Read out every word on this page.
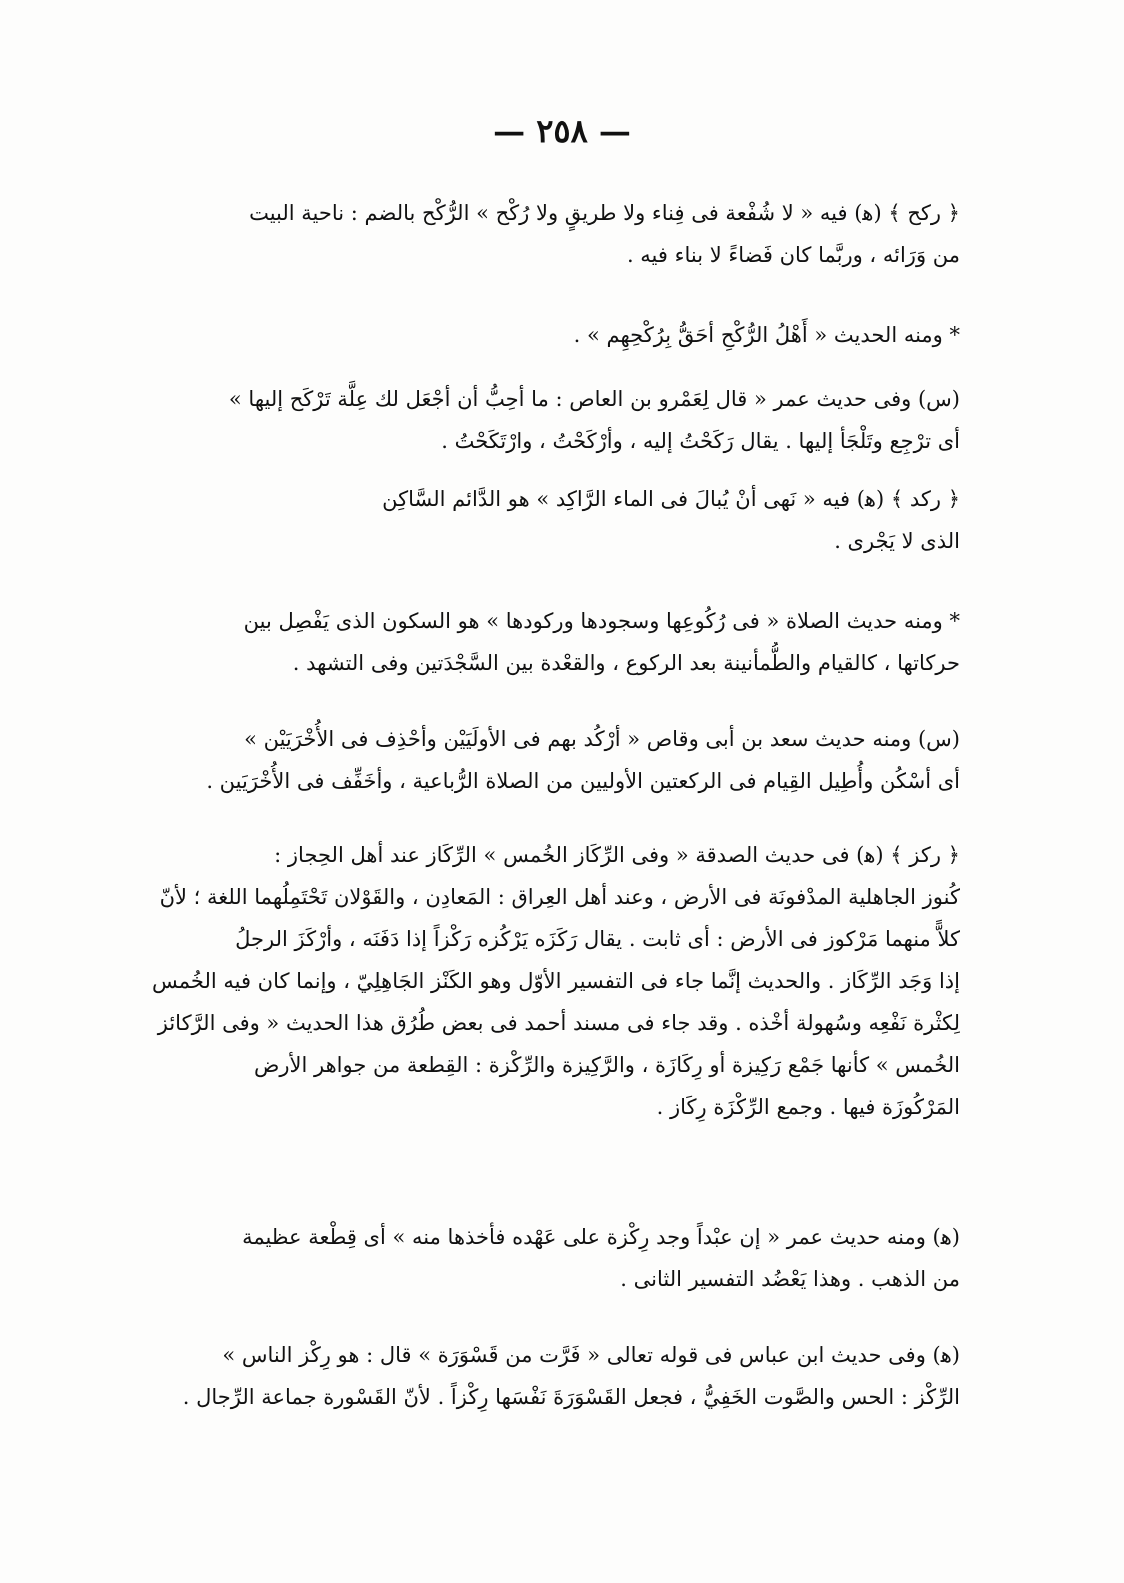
— ٢٥٨ —
﴿ ركح ﴾ (ﻫ) فيه « لا شُفْعة فى فِناء ولا طريقٍ ولا رُكْح » الرُّكْح بالضم : ناحية البيت
من وَرَائه ، وربَّما كان فَضاءً لا بناء فيه .
* ومنه الحديث « أَهْلُ الرُّكْحِ أحَقُّ بِرُكْحِهِم » .
(س) وفى حديث عمر « قال لِعَمْرو بن العاص : ما أحِبُّ أن أجْعَل لك عِلَّة تَرْكَح إليها »
أى ترْجِع وتَلْجَأ إليها . يقال رَكَحْتُ إليه ، وأرْكَحْتُ ، وارْتَكَحْتُ .
﴿ ركد ﴾ (ﻫ) فيه « نَهى أنْ يُبالَ فى الماء الرَّاكِد » هو الدَّائم السَّاكِن
الذى لا يَجْرى .
* ومنه حديث الصلاة « فى رُكُوعِها وسجودها وركودها » هو السكون الذى يَفْصِل بين
حركاتها ، كالقيام والطُّمأنينة بعد الركوع ، والقعْدة بين السَّجْدَتين وفى التشهد .
(س) ومنه حديث سعد بن أبى وقاص « أرْكُد بهم فى الأولَيَيْن وأحْذِف فى الأُخْرَيَيْن »
أى أسْكُن وأُطِيل القِيام فى الركعتين الأوليين من الصلاة الرُّباعية ، وأخَفِّف فى الأُخْرَيَين .
﴿ ركز ﴾ (ﻫ) فى حديث الصدقة « وفى الرِّكَاز الخُمس » الرِّكَاز عند أهل الحِجاز :
كُنوز الجاهلية المدْفونَة فى الأرض ، وعند أهل العِراق : المَعادِن ، والقَوْلان تَحْتَمِلُهما اللغة ؛ لأنّ
كلاًّ منهما مَرْكوز فى الأرض : أى ثابت . يقال رَكَزَه يَرْكُزه رَكْزاً إذا دَفَنَه ، وأرْكَزَ الرجلُ
إذا وَجَد الرِّكَاز . والحديث إنَّما جاء فى التفسير الأوّل وهو الكَنْز الجَاهِلِيّ ، وإنما كان فيه الخُمس
لِكثْرة نَفْعِه وسُهولة أخْذه . وقد جاء فى مسند أحمد فى بعض طُرُق هذا الحديث « وفى الرَّكائز
الخُمس » كأنها جَمْع رَكِيزة أو رِكَازَة ، والرَّكِيزة والرِّكْزة : القِطعة من جواهر الأرض
المَرْكُوزَة فيها . وجمع الرِّكْزَة رِكَاز .
(ﻫ) ومنه حديث عمر « إن عبْداً وجد رِكْزة على عَهْده فأخذها منه » أى قِطْعة عظيمة
من الذهب . وهذا يَعْضُد التفسير الثانى .
(ﻫ) وفى حديث ابن عباس فى قوله تعالى « فَرَّت من قَسْوَرَة » قال : هو رِكْز الناس »
الرِّكْز : الحس والصَّوت الخَفِيُّ ، فجعل القَسْوَرَةَ نَفْسَها رِكْزاً . لأنّ القَسْورة جماعة الرِّجال .
